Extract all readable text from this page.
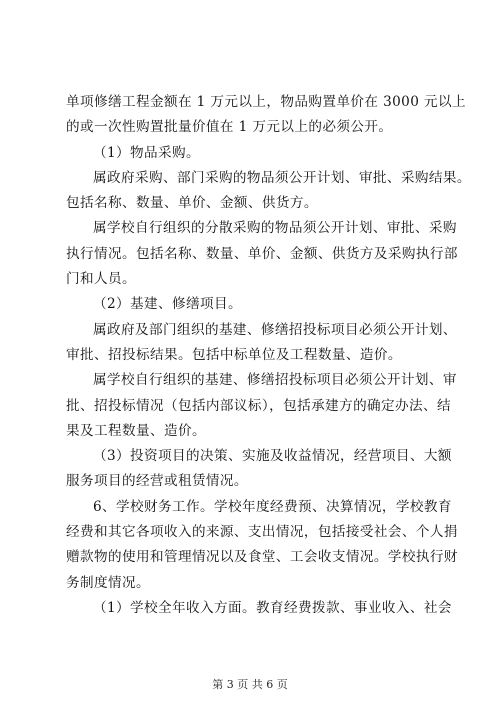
单项修缮工程金额在 1 万元以上，物品购置单价在 3000 元以上
的或一次性购置批量价值在 1 万元以上的必须公开。
（1）物品采购。
属政府采购、部门采购的物品须公开计划、审批、采购结果。
包括名称、数量、单价、金额、供货方。
属学校自行组织的分散采购的物品须公开计划、审批、采购
执行情况。包括名称、数量、单价、金额、供货方及采购执行部
门和人员。
（2）基建、修缮项目。
属政府及部门组织的基建、修缮招投标项目必须公开计划、
审批、招投标结果。包括中标单位及工程数量、造价。
属学校自行组织的基建、修缮招投标项目必须公开计划、审
批、招投标情况（包括内部议标），包括承建方的确定办法、结
果及工程数量、造价。
（3）投资项目的决策、实施及收益情况，经营项目、大额
服务项目的经营或租赁情况。
6、学校财务工作。学校年度经费预、决算情况，学校教育
经费和其它各项收入的来源、支出情况，包括接受社会、个人捐
赠款物的使用和管理情况以及食堂、工会收支情况。学校执行财
务制度情况。
（1）学校全年收入方面。教育经费拨款、事业收入、社会
第 3 页 共 6 页
